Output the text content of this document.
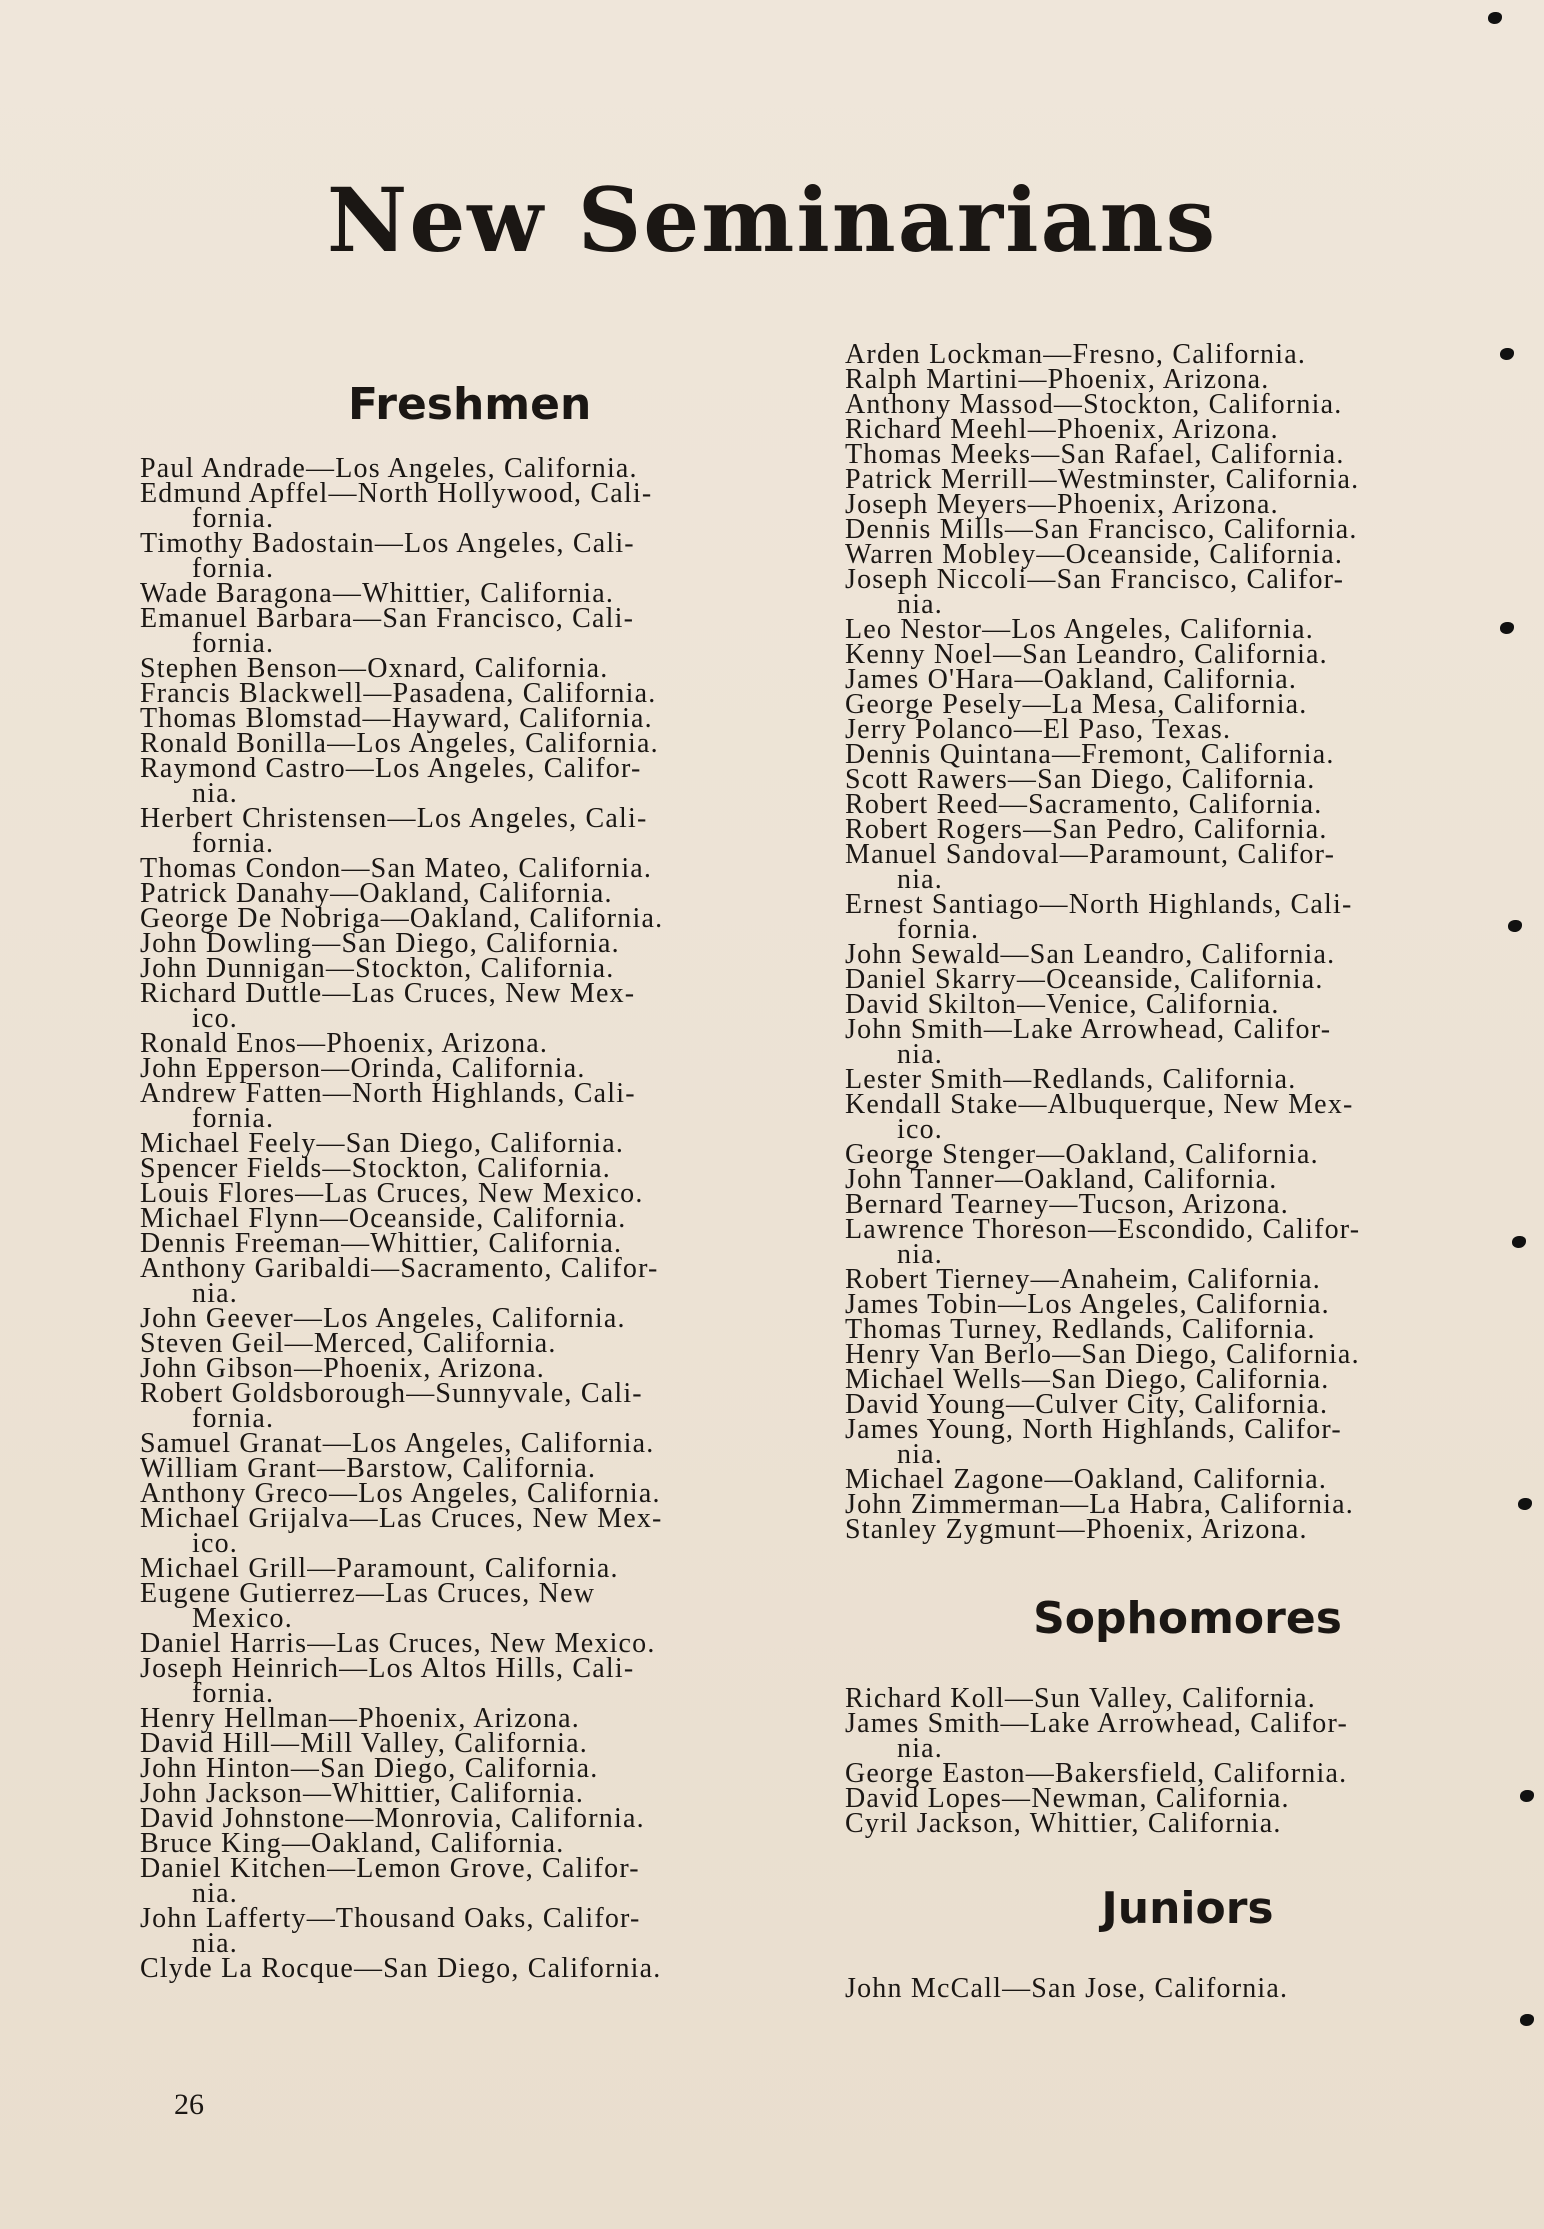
New Seminarians
Freshmen
Paul Andrade—Los Angeles, California.
Edmund Apffel—North Hollywood, Cali-
fornia.
Timothy Badostain—Los Angeles, Cali-
fornia.
Wade Baragona—Whittier, California.
Emanuel Barbara—San Francisco, Cali-
fornia.
Stephen Benson—Oxnard, California.
Francis Blackwell—Pasadena, California.
Thomas Blomstad—Hayward, California.
Ronald Bonilla—Los Angeles, California.
Raymond Castro—Los Angeles, Califor-
nia.
Herbert Christensen—Los Angeles, Cali-
fornia.
Thomas Condon—San Mateo, California.
Patrick Danahy—Oakland, California.
George De Nobriga—Oakland, California.
John Dowling—San Diego, California.
John Dunnigan—Stockton, California.
Richard Duttle—Las Cruces, New Mex-
ico.
Ronald Enos—Phoenix, Arizona.
John Epperson—Orinda, California.
Andrew Fatten—North Highlands, Cali-
fornia.
Michael Feely—San Diego, California.
Spencer Fields—Stockton, California.
Louis Flores—Las Cruces, New Mexico.
Michael Flynn—Oceanside, California.
Dennis Freeman—Whittier, California.
Anthony Garibaldi—Sacramento, Califor-
nia.
John Geever—Los Angeles, California.
Steven Geil—Merced, California.
John Gibson—Phoenix, Arizona.
Robert Goldsborough—Sunnyvale, Cali-
fornia.
Samuel Granat—Los Angeles, California.
William Grant—Barstow, California.
Anthony Greco—Los Angeles, California.
Michael Grijalva—Las Cruces, New Mex-
ico.
Michael Grill—Paramount, California.
Eugene Gutierrez—Las Cruces, New
Mexico.
Daniel Harris—Las Cruces, New Mexico.
Joseph Heinrich—Los Altos Hills, Cali-
fornia.
Henry Hellman—Phoenix, Arizona.
David Hill—Mill Valley, California.
John Hinton—San Diego, California.
John Jackson—Whittier, California.
David Johnstone—Monrovia, California.
Bruce King—Oakland, California.
Daniel Kitchen—Lemon Grove, Califor-
nia.
John Lafferty—Thousand Oaks, Califor-
nia.
Clyde La Rocque—San Diego, California.
Arden Lockman—Fresno, California.
Ralph Martini—Phoenix, Arizona.
Anthony Massod—Stockton, California.
Richard Meehl—Phoenix, Arizona.
Thomas Meeks—San Rafael, California.
Patrick Merrill—Westminster, California.
Joseph Meyers—Phoenix, Arizona.
Dennis Mills—San Francisco, California.
Warren Mobley—Oceanside, California.
Joseph Niccoli—San Francisco, Califor-
nia.
Leo Nestor—Los Angeles, California.
Kenny Noel—San Leandro, California.
James O'Hara—Oakland, California.
George Pesely—La Mesa, California.
Jerry Polanco—El Paso, Texas.
Dennis Quintana—Fremont, California.
Scott Rawers—San Diego, California.
Robert Reed—Sacramento, California.
Robert Rogers—San Pedro, California.
Manuel Sandoval—Paramount, Califor-
nia.
Ernest Santiago—North Highlands, Cali-
fornia.
John Sewald—San Leandro, California.
Daniel Skarry—Oceanside, California.
David Skilton—Venice, California.
John Smith—Lake Arrowhead, Califor-
nia.
Lester Smith—Redlands, California.
Kendall Stake—Albuquerque, New Mex-
ico.
George Stenger—Oakland, California.
John Tanner—Oakland, California.
Bernard Tearney—Tucson, Arizona.
Lawrence Thoreson—Escondido, Califor-
nia.
Robert Tierney—Anaheim, California.
James Tobin—Los Angeles, California.
Thomas Turney, Redlands, California.
Henry Van Berlo—San Diego, California.
Michael Wells—San Diego, California.
David Young—Culver City, California.
James Young, North Highlands, Califor-
nia.
Michael Zagone—Oakland, California.
John Zimmerman—La Habra, California.
Stanley Zygmunt—Phoenix, Arizona.
Sophomores
Richard Koll—Sun Valley, California.
James Smith—Lake Arrowhead, Califor-
nia.
George Easton—Bakersfield, California.
David Lopes—Newman, California.
Cyril Jackson, Whittier, California.
Juniors
John McCall—San Jose, California.
26
